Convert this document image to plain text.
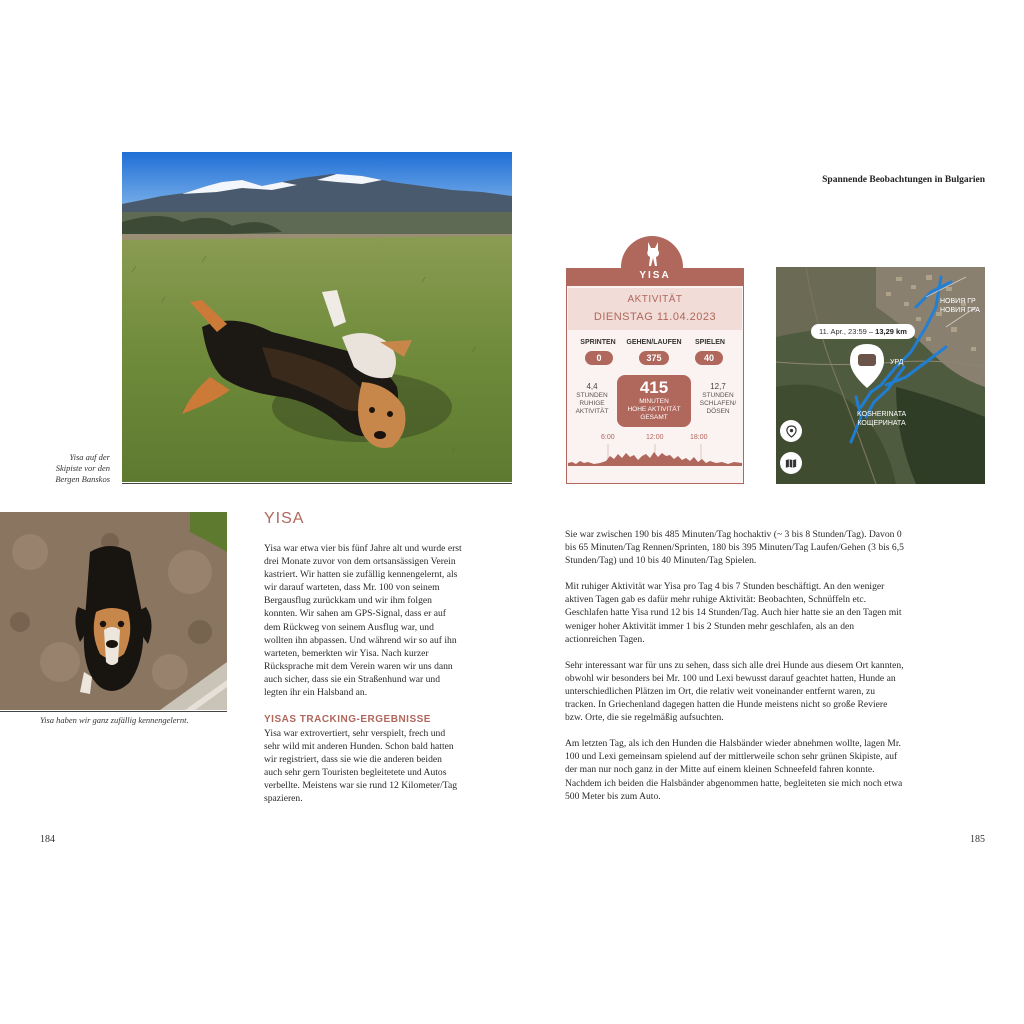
Yisa auf der
Skipiste vor den
Bergen Banskos
Yisa haben wir ganz zufällig kennengelernt.
YISA
Yisa war etwa vier bis fünf Jahre alt und wurde erst drei Monate zuvor von dem ortsansässigen Verein kastriert. Wir hatten sie zufällig kennengelernt, als wir darauf warteten, dass Mr. 100 von seinem Bergausflug zurückkam und wir ihm folgen konnten. Wir sahen am GPS-Signal, dass er auf dem Rückweg von seinem Ausflug war, und wollten ihn abpassen. Und während wir so auf ihn warteten, bemerkten wir Yisa. Nach kurzer Rücksprache mit dem Verein waren wir uns dann auch sicher, dass sie ein Straßenhund war und legten ihr ein Halsband an.
YISAS TRACKING-ERGEBNISSE
Yisa war extrovertiert, sehr verspielt, frech und sehr wild mit anderen Hunden. Schon bald hatten wir registriert, dass sie wie die anderen beiden auch sehr gern Touristen begleitetete und Autos verbellte. Meistens war sie rund 12 Kilometer/Tag spazieren.
184
Spannende Beobachtungen in Bulgarien

Sie war zwischen 190 bis 485 Minuten/Tag hochaktiv (~ 3 bis 8 Stunden/Tag). Davon 0 bis 65 Minuten/Tag Rennen/Sprinten, 180 bis 395 Minuten/Tag Laufen/Gehen (3 bis 6,5 Stunden/Tag) und 10 bis 40 Minuten/Tag Spielen.

Mit ruhiger Aktivität war Yisa pro Tag 4 bis 7 Stunden beschäftigt. An den weniger aktiven Tagen gab es dafür mehr ruhige Aktivität: Beobachten, Schnüffeln etc. Geschlafen hatte Yisa rund 12 bis 14 Stunden/Tag. Auch hier hatte sie an den Tagen mit weniger hoher Aktivität immer 1 bis 2 Stunden mehr geschlafen, als an den actionreichen Tagen.

Sehr interessant war für uns zu sehen, dass sich alle drei Hunde aus diesem Ort kannten, obwohl wir besonders bei Mr. 100 und Lexi bewusst darauf geachtet hatten, Hunde an unterschiedlichen Plätzen im Ort, die relativ weit voneinander entfernt waren, zu tracken. In Griechenland dagegen hatten die Hunde meistens nicht so große Reviere bzw. Orte, die sie regelmäßig aufsuchten.

Am letzten Tag, als ich den Hunden die Halsbänder wieder abnehmen wollte, lagen Mr. 100 und Lexi gemeinsam spielend auf der mittlerweile schon sehr grünen Skipiste, auf der man nur noch ganz in der Mitte auf einem kleinen Schneefeld fahren konnte. Nachdem ich beiden die Halsbänder abgenommen hatte, begleiteten sie mich noch etwa 500 Meter bis zum Auto.

185
YISA
AKTIVITÄT
DIENSTAG 11.04.2023
SPRINTEN
0
GEHEN/LAUFEN
375
SPIELEN
40
4,4
STUNDEN
RUHIGE
AKTIVITÄT
415
MINUTEN
HOHE AKTIVITÄT
GESAMT
12,7
STUNDEN
SCHLAFEN/
DÖSEN
6:00	12:00	18:00
11. Apr., 23:59 – 13,29 km
НОВИЯ ГР
НОВИЯ ГРА
УРД
KOSHERINATA
КОЩЕРИНАТА
